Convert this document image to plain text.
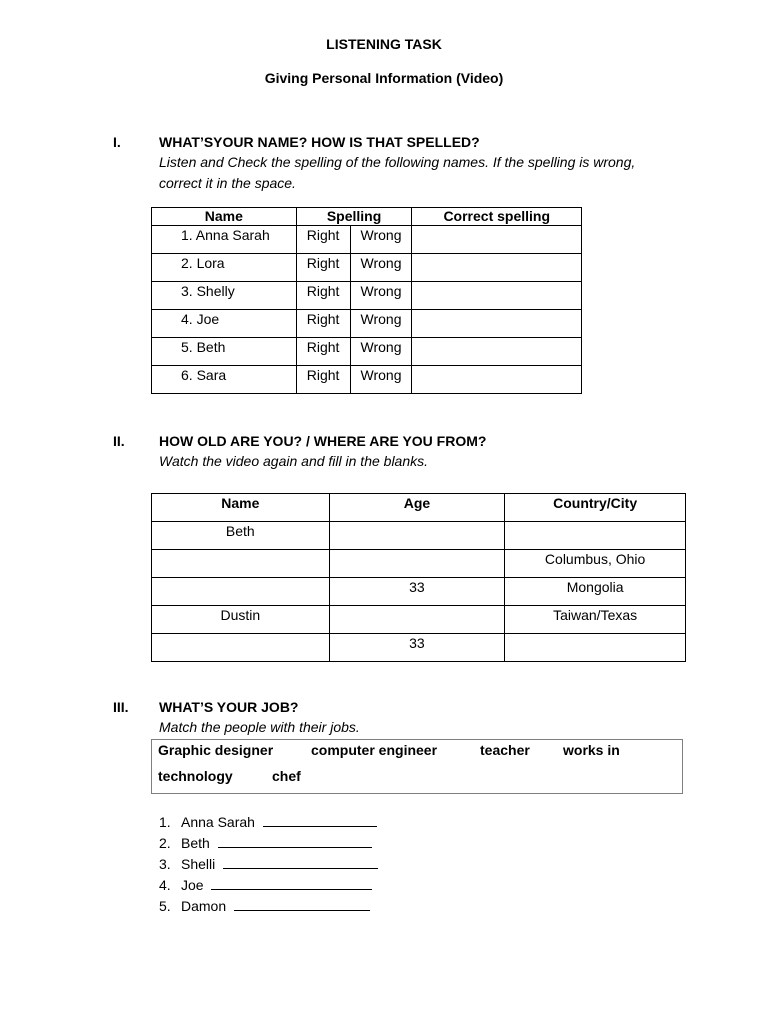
LISTENING TASK
Giving Personal Information (Video)
I.	WHAT’SYOUR NAME? HOW IS THAT SPELLED?
Listen and Check the spelling of the following names. If the spelling is wrong,
correct it in the space.
Name	Spelling		Correct spelling
1. Anna Sarah	Right	Wrong	
2. Lora	Right	Wrong	
3. Shelly	Right	Wrong	
4. Joe	Right	Wrong	
5. Beth	Right	Wrong	
6. Sara	Right	Wrong	
II. HOW OLD ARE YOU? / WHERE ARE YOU FROM?
Watch the video again and fill in the blanks.
Name	Age	Country/City
Beth		
		Columbus, Ohio
	33	Mongolia
Dustin		Taiwan/Texas
	33	
III. WHAT’S YOUR JOB?
Match the people with their jobs.
Graphic designer	computer engineer	teacher works in
technology	chef
1. Anna Sarah
2. Beth
3. Shelli
4. Joe
5. Damon
